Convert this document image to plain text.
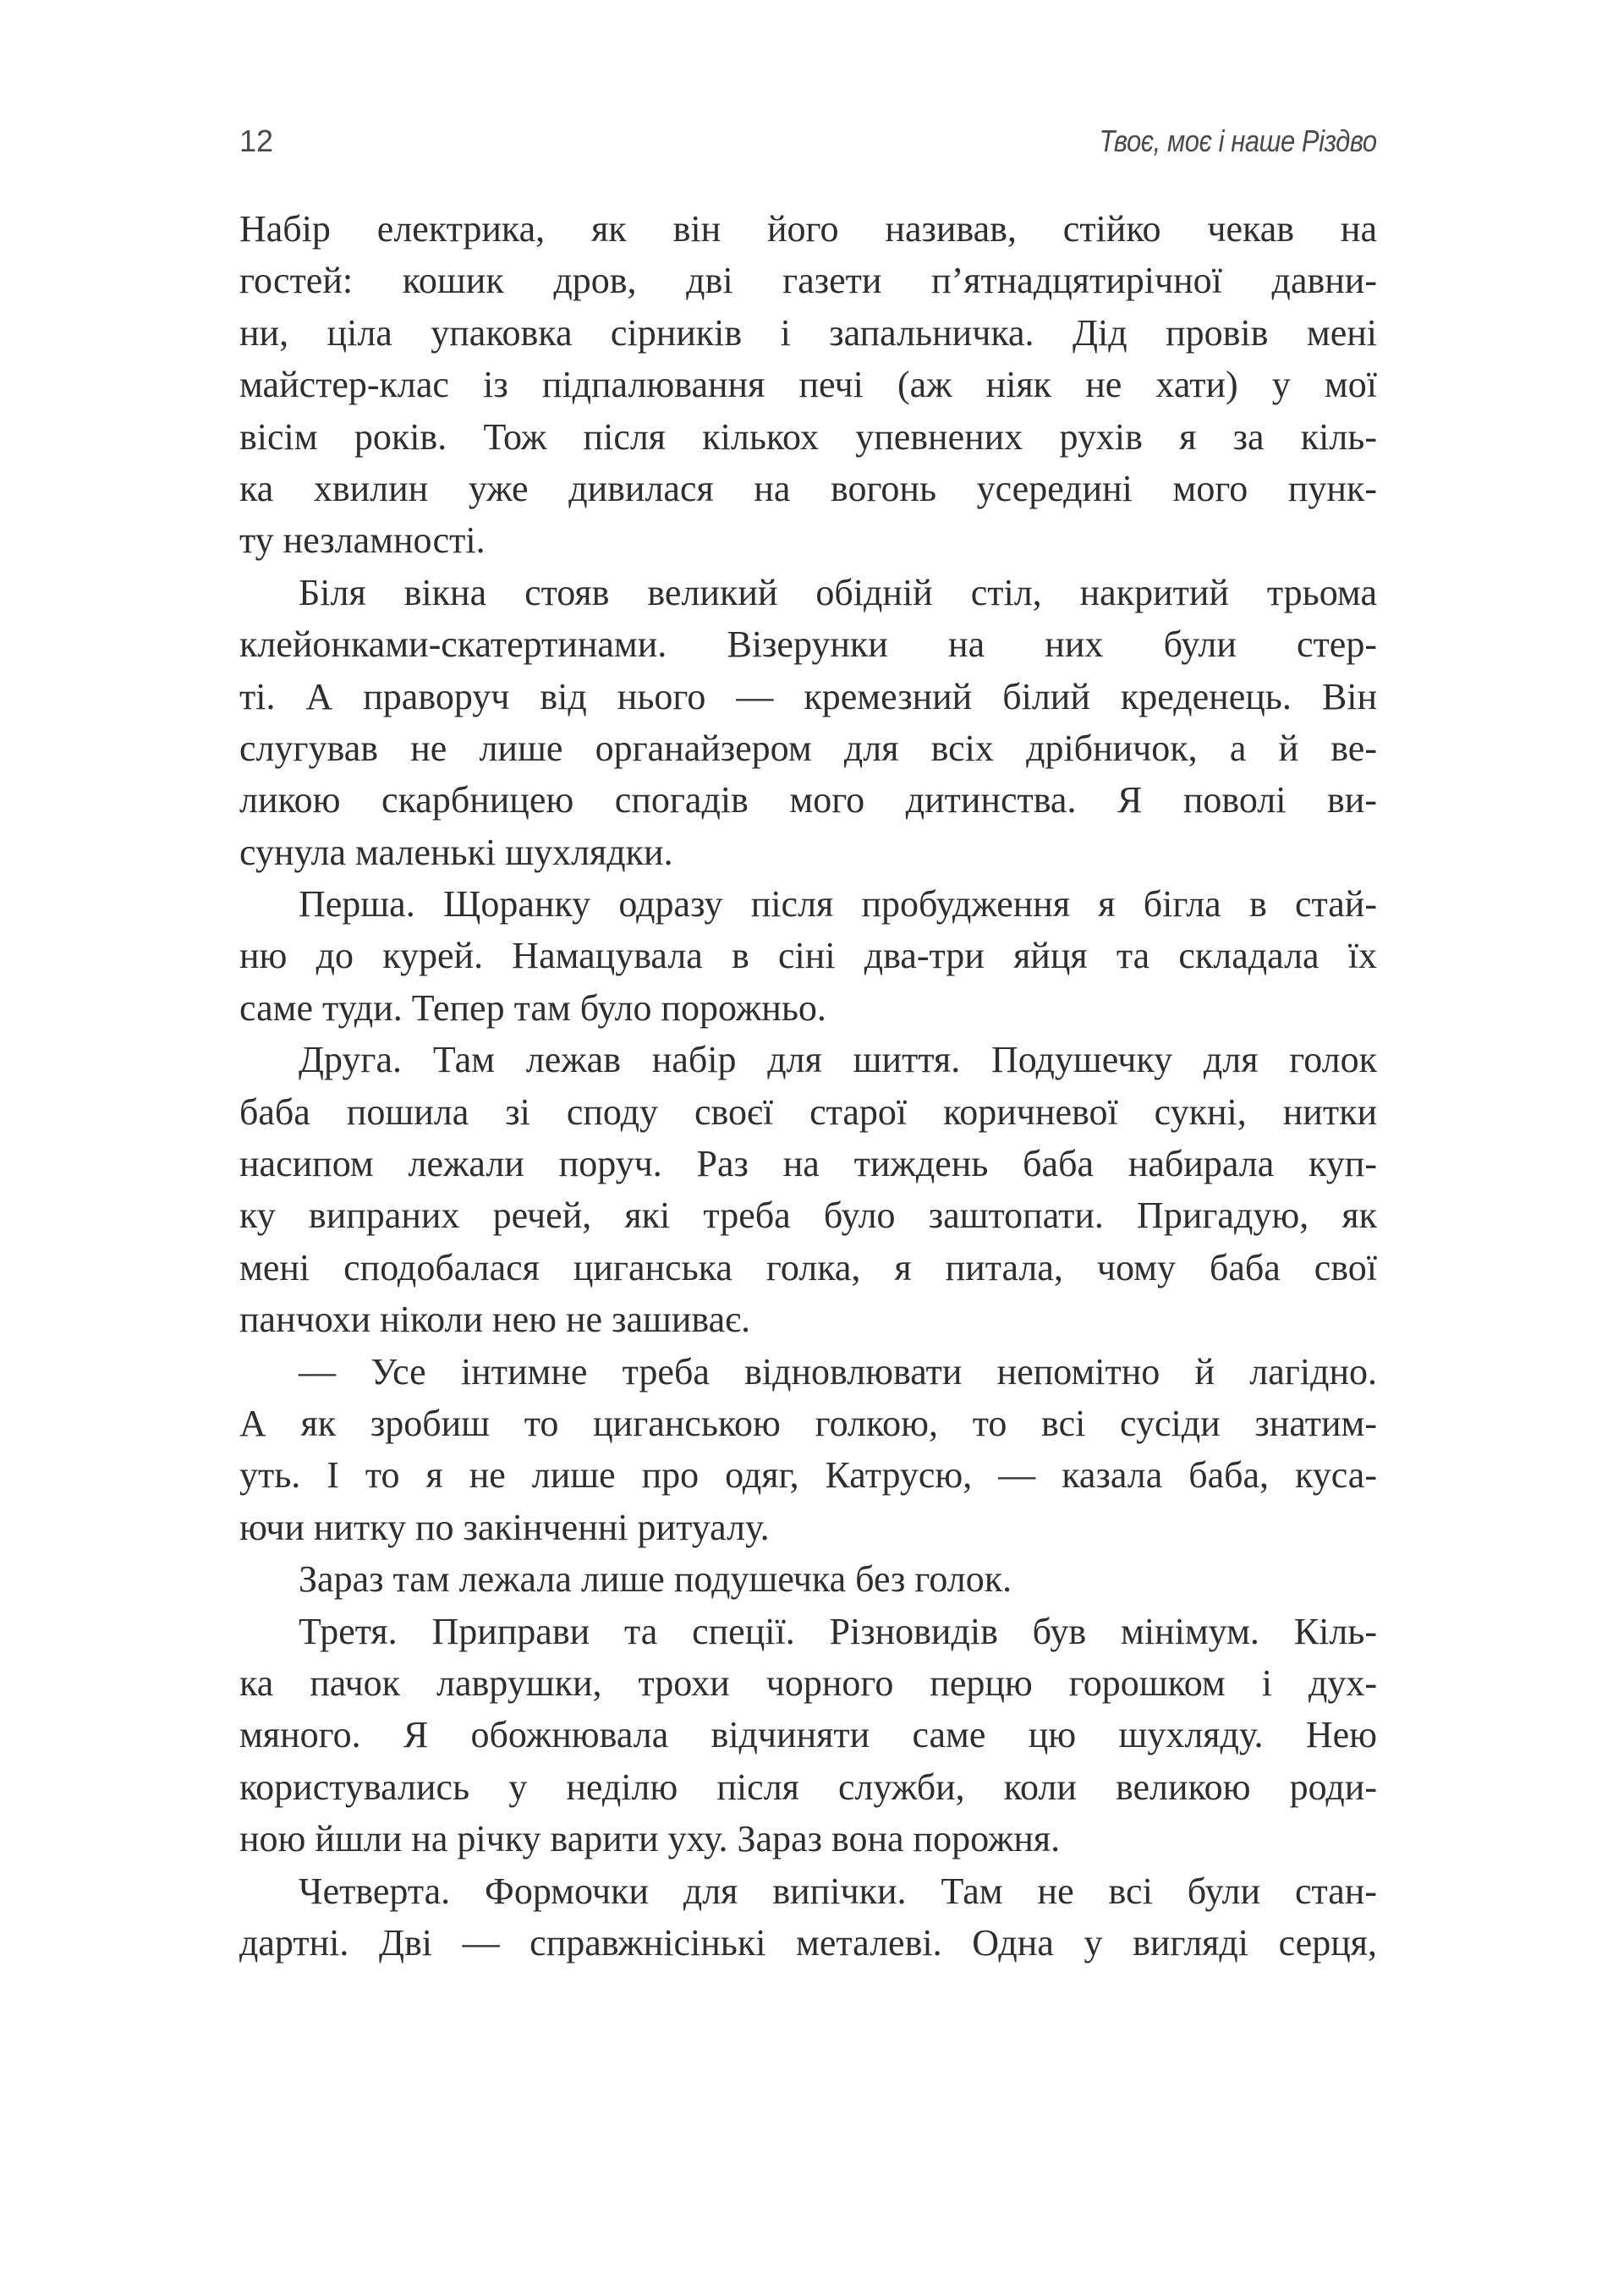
12	Твоє, моє і наше Різдво

Набір електрика, як він його називав, стійко чекав на
гостей: кошик дров, дві газети п’ятнадцятирічної давни-
ни, ціла упаковка сірників і запальничка. Дід провів мені
майстер-клас із підпалювання печі (аж ніяк не хати) у мої
вісім років. Тож після кількох упевнених рухів я за кіль-
ка хвилин уже дивилася на вогонь усередині мого пунк-
ту незламності.

Біля вікна стояв великий обідній стіл, накритий трьома
клейонками-скатертинами. Візерунки на них були стер-
ті. А праворуч від нього — кремезний білий креденець. Він
слугував не лише органайзером для всіх дрібничок, а й ве-
ликою скарбницею спогадів мого дитинства. Я поволі ви-
сунула маленькі шухлядки.

Перша. Щоранку одразу після пробудження я бігла в стай-
ню до курей. Намацувала в сіні два-три яйця та складала їх
саме туди. Тепер там було порожньо.

Друга. Там лежав набір для шиття. Подушечку для голок
баба пошила зі споду своєї старої коричневої сукні, нитки
насипом лежали поруч. Раз на тиждень баба набирала куп-
ку випраних речей, які треба було заштопати. Пригадую, як
мені сподобалася циганська голка, я питала, чому баба свої
панчохи ніколи нею не зашиває.

— Усе інтимне треба відновлювати непомітно й лагідно.
А як зробиш то циганською голкою, то всі сусіди знатим-
уть. І то я не лише про одяг, Катрусю, — казала баба, куса-
ючи нитку по закінченні ритуалу.

Зараз там лежала лише подушечка без голок.

Третя. Приправи та спеції. Різновидів був мінімум. Кіль-
ка пачок лаврушки, трохи чорного перцю горошком і дух-
мяного. Я обожнювала відчиняти саме цю шухляду. Нею
користувались у неділю після служби, коли великою роди-
ною йшли на річку варити уху. Зараз вона порожня.

Четверта. Формочки для випічки. Там не всі були стан-
дартні. Дві — справжнісінькі металеві. Одна у вигляді серця,
